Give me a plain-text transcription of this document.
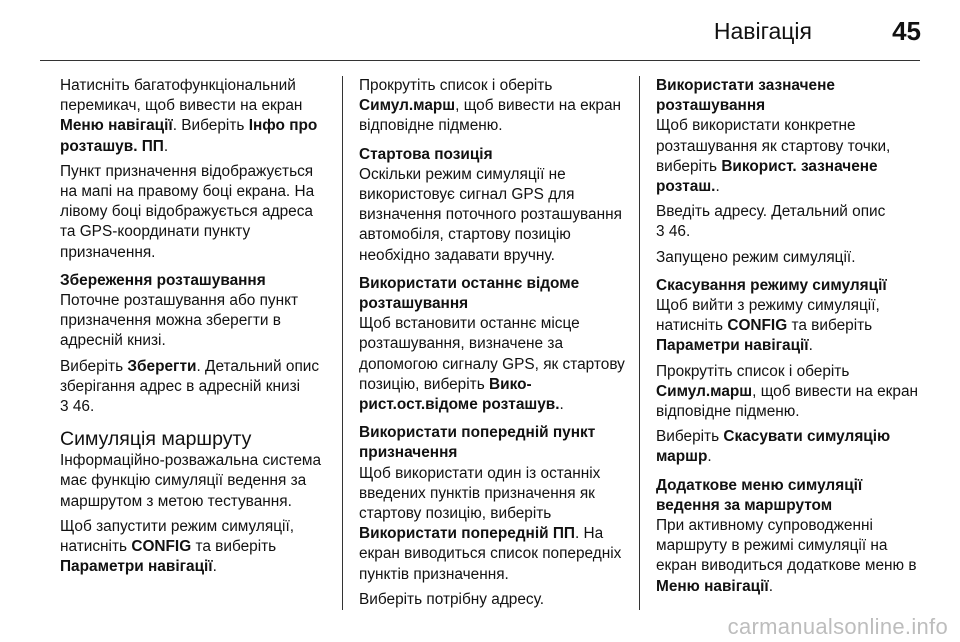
Навігація	45

Натисніть багатофункціональний перемикач, щоб вивести на екран Меню навігації. Виберіть Інфо про розташув. ПП.

Пункт призначення відображується на мапі на правому боці екрана. На лівому боці відображується адреса та GPS-координати пункту призначення.

Збереження розташування

Поточне розташування або пункт призначення можна зберегти в адресній книзі.

Виберіть Зберегти. Детальний опис зберігання адрес в адресній книзі
3 46.

Симуляція маршруту

Інформаційно-розважальна система має функцію симуляції ведення за маршрутом з метою тестування.

Щоб запустити режим симуляції, натисніть CONFIG та виберіть Параметри навігації.

Прокрутіть список і оберіть Симул.марш, щоб вивести на екран відповідне підменю.

Стартова позиція

Оскільки режим симуляції не використовує сигнал GPS для визначення поточного розташування автомобіля, стартову позицію необхідно задавати вручну.

Використати останнє відоме розташування

Щоб встановити останнє місце розташування, визначене за допомогою сигналу GPS, як стартову позицію, виберіть Вико-рист.ост.відоме розташув..

Використати попередній пункт призначення

Щоб використати один із останніх введених пунктів призначення як стартову позицію, виберіть Використати попередній ПП. На екран виводиться список попередніх пунктів призначення.

Виберіть потрібну адресу.

Використати зазначене розташування

Щоб використати конкретне розташування як стартову точки, виберіть Використ. зазначене розташ..

Введіть адресу. Детальний опис
3 46.

Запущено режим симуляції.

Скасування режиму симуляції

Щоб вийти з режиму симуляції, натисніть CONFIG та виберіть Параметри навігації.

Прокрутіть список і оберіть Симул.марш, щоб вивести на екран відповідне підменю.

Виберіть Скасувати симуляцію маршр.

Додаткове меню симуляції ведення за маршрутом

При активному супроводженні маршруту в режимі симуляції на екран виводиться додаткове меню в Меню навігації.

carmanualsonline.info
